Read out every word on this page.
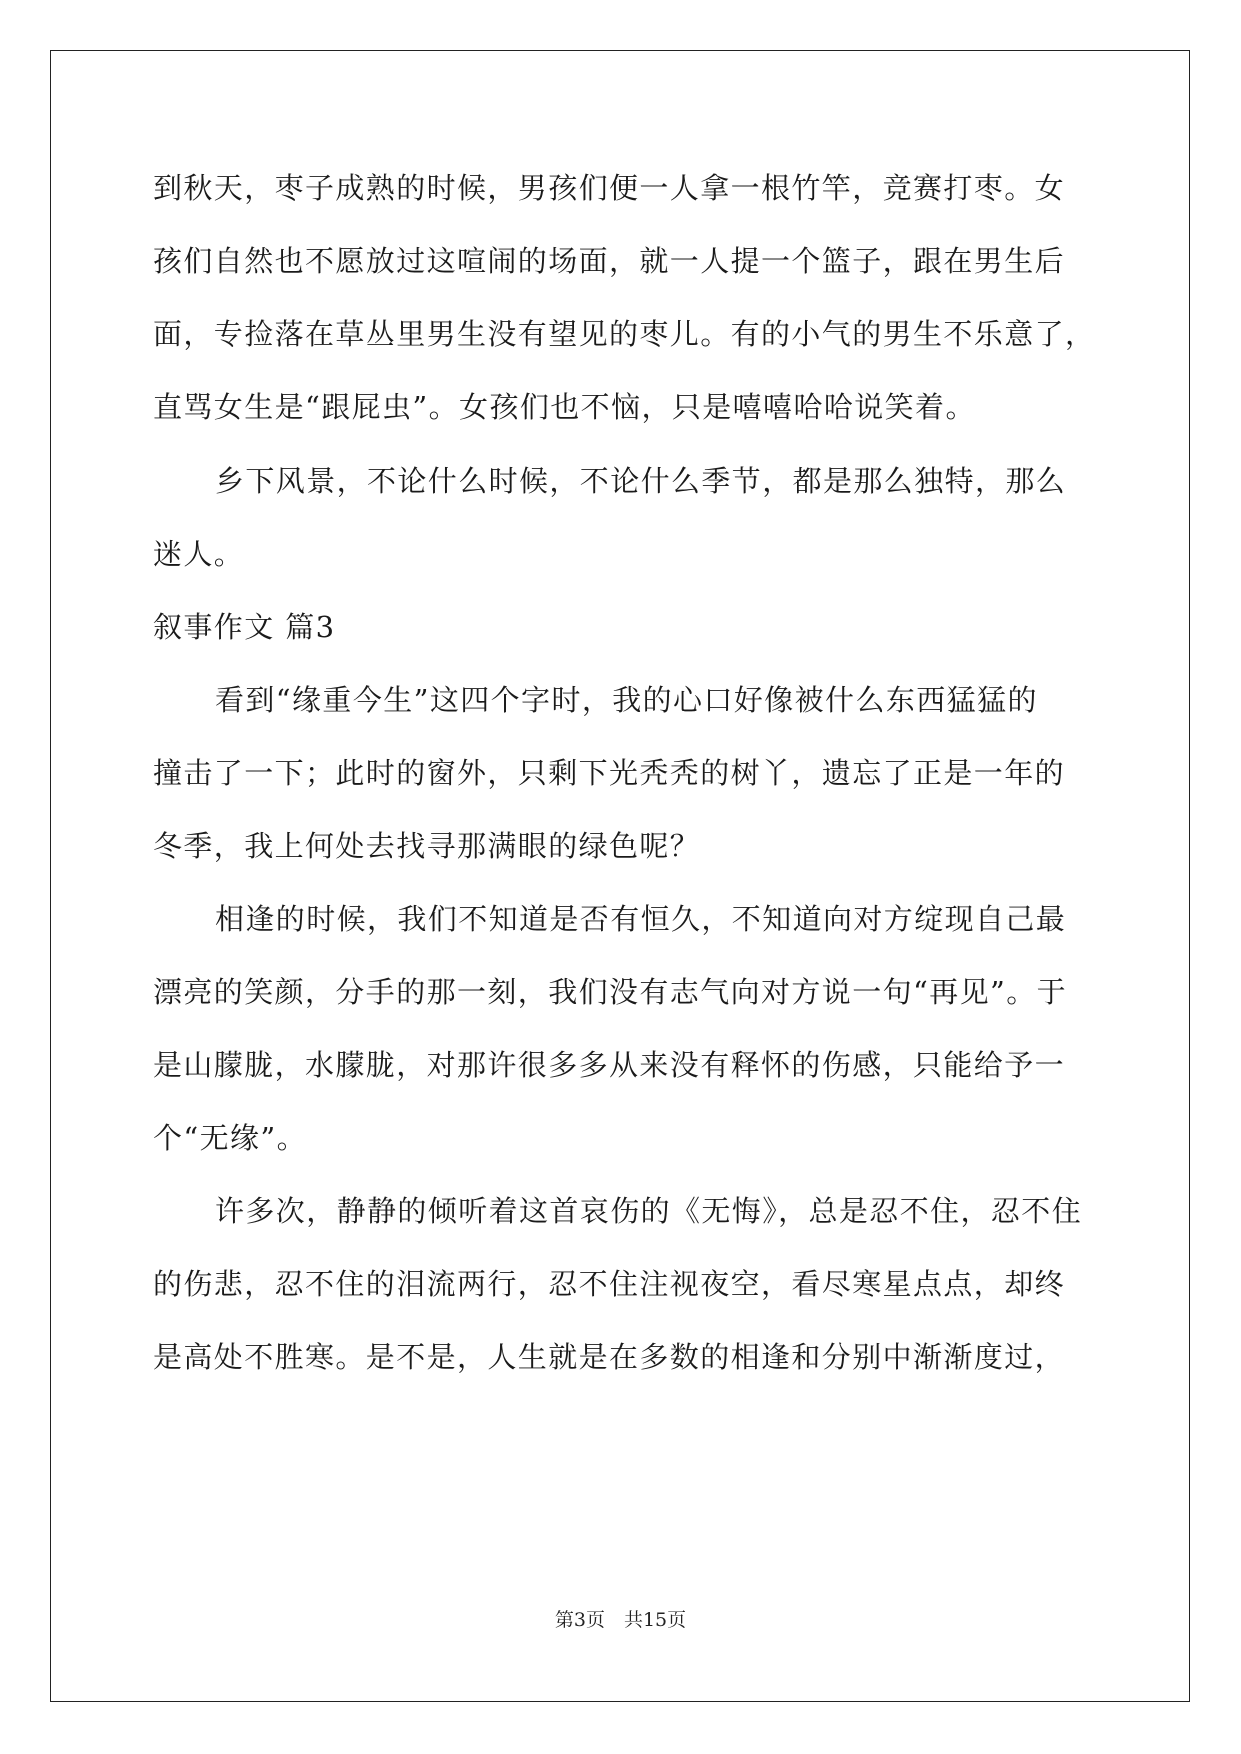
到秋天，枣子成熟的时候，男孩们便一人拿一根竹竿，竞赛打枣。女
孩们自然也不愿放过这喧闹的场面，就一人提一个篮子，跟在男生后
面，专捡落在草丛里男生没有望见的枣儿。有的小气的男生不乐意了，
直骂女生是“跟屁虫”。女孩们也不恼，只是嘻嘻哈哈说笑着。
乡下风景，不论什么时候，不论什么季节，都是那么独特，那么
迷人。
叙事作文 篇3
看到“缘重今生”这四个字时，我的心口好像被什么东西猛猛的
撞击了一下；此时的窗外，只剩下光秃秃的树丫，遗忘了正是一年的
冬季，我上何处去找寻那满眼的绿色呢？
相逢的时候，我们不知道是否有恒久，不知道向对方绽现自己最
漂亮的笑颜，分手的那一刻，我们没有志气向对方说一句“再见”。于
是山朦胧，水朦胧，对那许很多多从来没有释怀的伤感，只能给予一
个“无缘”。
许多次，静静的倾听着这首哀伤的《无悔》，总是忍不住，忍不住
的伤悲，忍不住的泪流两行，忍不住注视夜空，看尽寒星点点，却终
是高处不胜寒。是不是，人生就是在多数的相逢和分别中渐渐度过，
第3页　共15页
